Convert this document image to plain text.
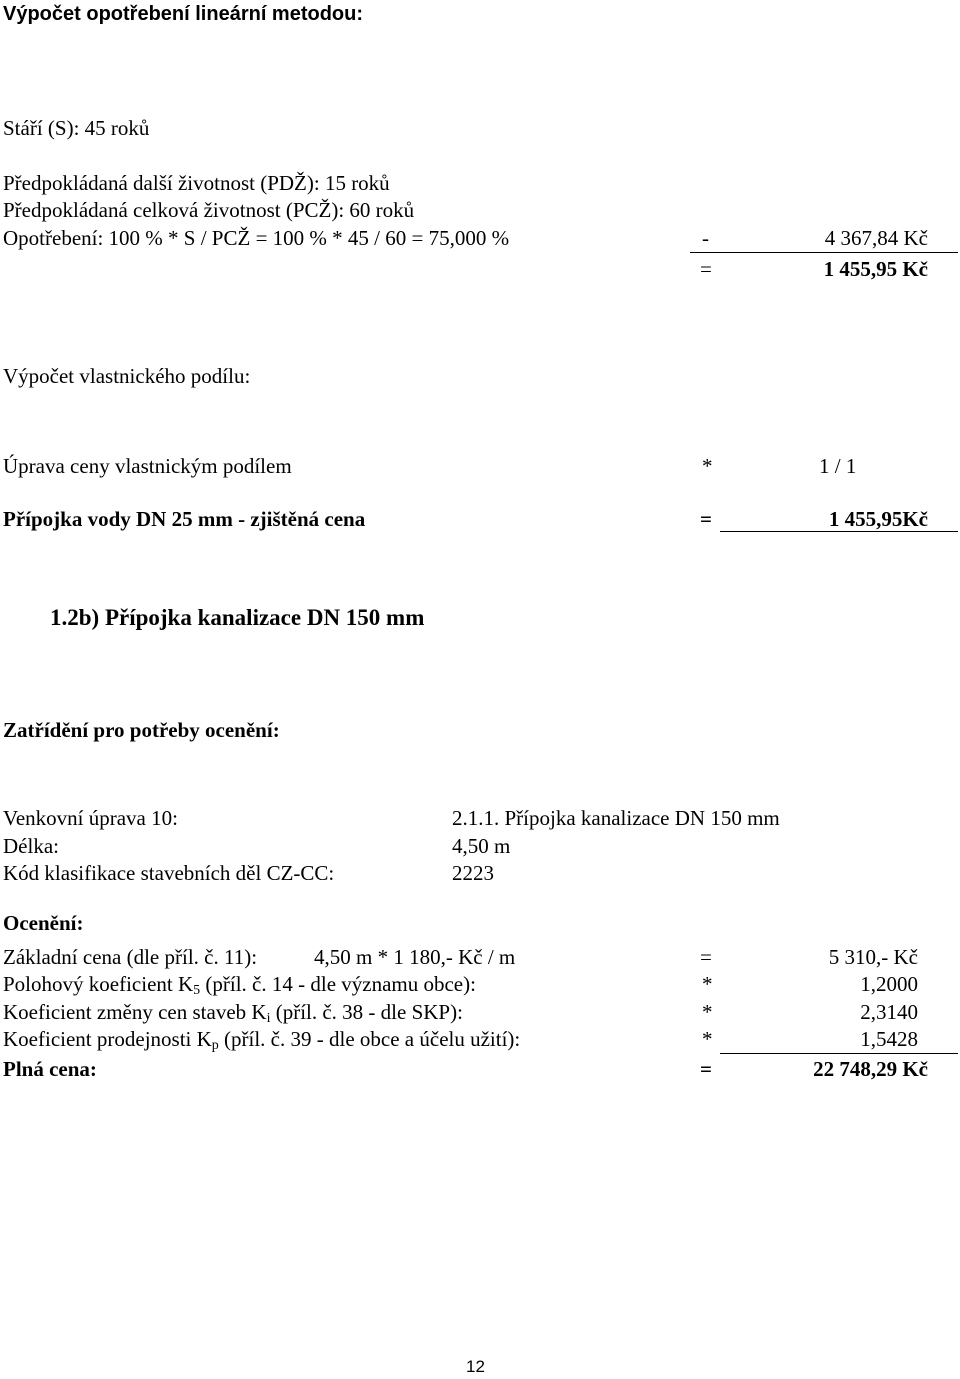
Výpočet opotřebení lineární metodou:
Stáří (S): 45 roků
Předpokládaná další životnost (PDŽ): 15 roků
Předpokládaná celková životnost (PCŽ): 60 roků
Opotřebení: 100 % * S / PCŽ = 100 % * 45 / 60 = 75,000 %	-	4 367,84 Kč
=	1 455,95 Kč
Výpočet vlastnického podílu:
Úprava ceny vlastnickým podílem	*	1 / 1
Přípojka vody DN 25 mm - zjištěná cena	=	1 455,95Kč
1.2b) Přípojka kanalizace DN 150 mm
Zatřídění pro potřeby ocenění:
Venkovní úprava 10:	2.1.1. Přípojka kanalizace DN 150 mm
Délka:	4,50 m
Kód klasifikace stavebních děl CZ-CC:	2223
Ocenění:
Základní cena (dle příl. č. 11):	4,50 m * 1 180,- Kč / m	=	5 310,- Kč
Polohový koeficient $K_5$ (příl. č. 14 - dle významu obce):	*	1,2000
Koeficient změny cen staveb $K_i$ (příl. č. 38 - dle SKP):	*	2,3140
Koeficient prodejnosti $K_p$ (příl. č. 39 - dle obce a účelu užití):	*	1,5428
Plná cena:	=	22 748,29 Kč
12
